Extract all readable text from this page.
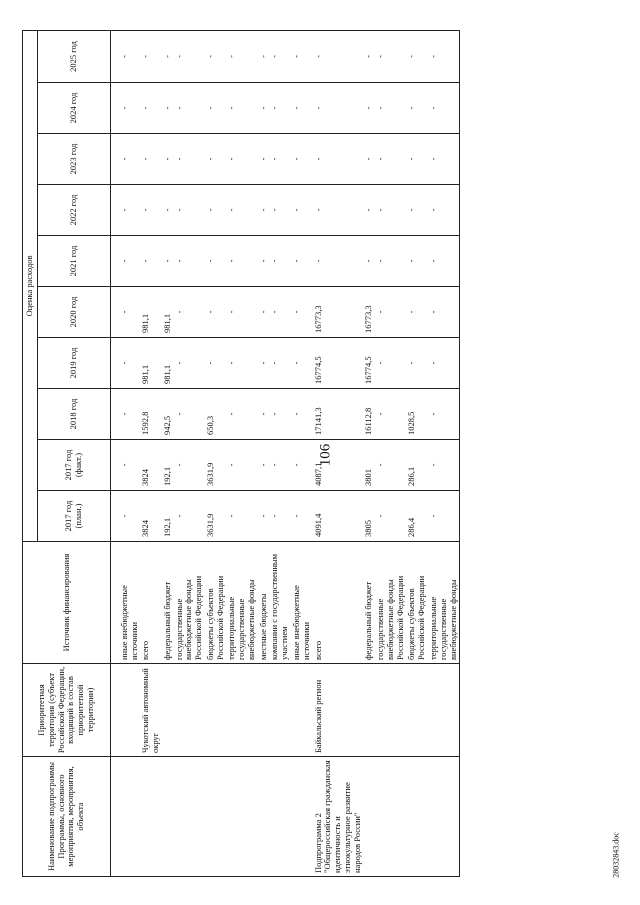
106
28032843.doc
Наименование подпрограммы Программы, основного мероприятия, мероприятия, объекта	Приоритетная территория (субъект Российской Федерации, входящий в состав приоритетной территории)	Источник финансирования	Оценка расходов									
			2017 год (план.)	2017 год (факт.)	2018 год	2019 год	2020 год	2021 год	2022 год	2023 год	2024 год	2025 год

		иные внебюджетные источники	-	-	-	-	-	-	-	-	-	-
	Чукотский автономный округ	всего	3824	3824	1592,8	981,1	981,1	-	-	-	-	-
		федеральный бюджет	192,1	192,1	942,5	981,1	981,1	-	-	-	-	-
		государственные внебюджетные фонды Российской Федерации	-	-	-	-	-	-	-	-	-	-
		бюджеты субъектов Российской Федерации	3631,9	3631,9	650,3	-	-	-	-	-	-	-
		территориальные государственные внебюджетные фонды	-	-	-	-	-	-	-	-	-	-
		местные бюджеты	-	-	-	-	-	-	-	-	-	-
		компании с государственным участием	-	-	-	-	-	-	-	-	-	-
		иные внебюджетные источники	-	-	-	-	-	-	-	-	-	-
Подпрограмма 2 "Общероссийская гражданская идентичность и этнокультурное развитие народов России"	Байкальский регион	всего	4091,4	4087,1	17141,3	16774,5	16773,3	-	-	-	-	-
		федеральный бюджет	3805	3801	16112,8	16774,5	16773,3	-	-	-	-	-
		государственные внебюджетные фонды Российской Федерации	-	-	-	-	-	-	-	-	-	-
		бюджеты субъектов Российской Федерации	286,4	286,1	1028,5	-	-	-	-	-	-	-
		территориальные государственные внебюджетные фонды	-	-	-	-	-	-	-	-	-	-
